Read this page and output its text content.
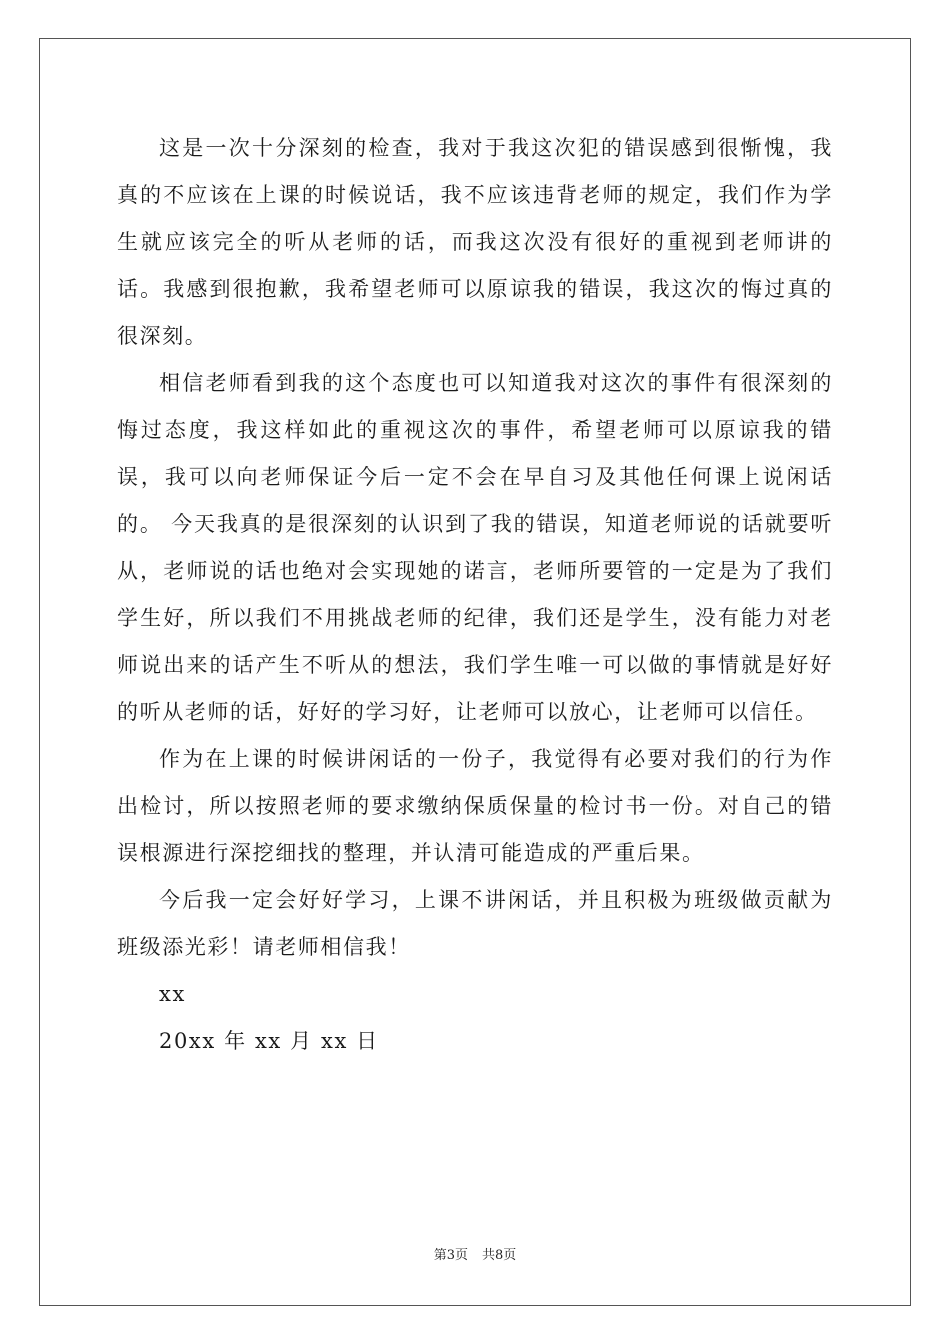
这是一次十分深刻的检查，我对于我这次犯的错误感到很惭愧，我真的不应该在上课的时候说话，我不应该违背老师的规定，我们作为学生就应该完全的听从老师的话，而我这次没有很好的重视到老师讲的话。我感到很抱歉，我希望老师可以原谅我的错误，我这次的悔过真的很深刻。

相信老师看到我的这个态度也可以知道我对这次的事件有很深刻的悔过态度，我这样如此的重视这次的事件，希望老师可以原谅我的错误，我可以向老师保证今后一定不会在早自习及其他任何课上说闲话的。 今天我真的是很深刻的认识到了我的错误，知道老师说的话就要听从，老师说的话也绝对会实现她的诺言，老师所要管的一定是为了我们学生好，所以我们不用挑战老师的纪律，我们还是学生，没有能力对老师说出来的话产生不听从的想法，我们学生唯一可以做的事情就是好好的听从老师的话，好好的学习好，让老师可以放心，让老师可以信任。

作为在上课的时候讲闲话的一份子，我觉得有必要对我们的行为作出检讨，所以按照老师的要求缴纳保质保量的检讨书一份。对自己的错误根源进行深挖细找的整理，并认清可能造成的严重后果。

今后我一定会好好学习，上课不讲闲话，并且积极为班级做贡献为班级添光彩！请老师相信我！

xx

20xx 年 xx 月 xx 日

第3页 共8页
